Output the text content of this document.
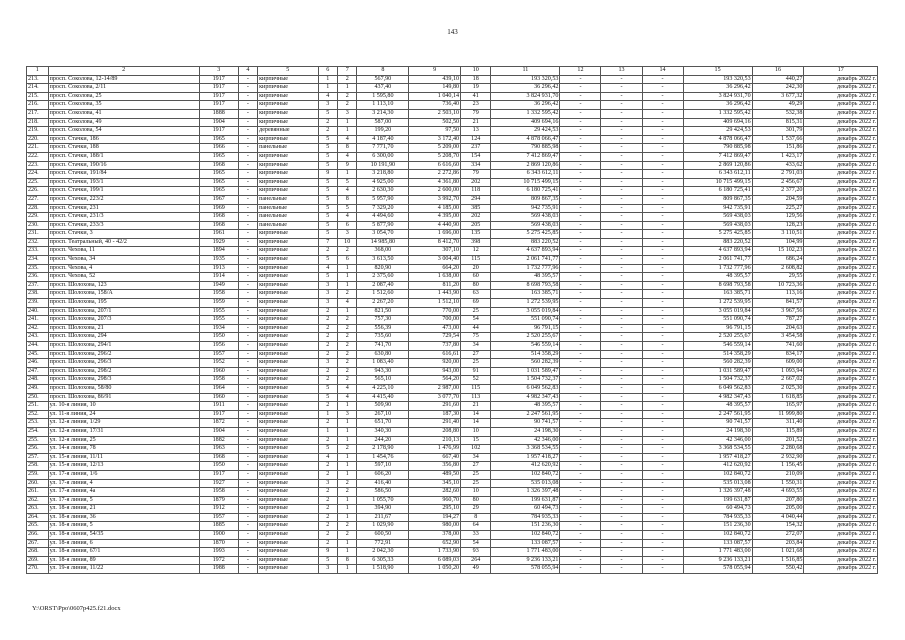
143
1	2	3	4	5	6	7	8	9	10	11	12	13	14	15	16	17
213.	просп. Соколова, 12-14/89	1917	-	кирпичные	1	2	567,90	439,10	18	193 320,53	-	-	-	193 320,53	440,27	декабрь 2022 г.
214.	просп. Соколова, 2/11	1917	-	кирпичные	1	1	437,40	149,80	19	36 296,42	-	-	-	36 296,42	242,30	декабрь 2022 г.
215.	просп. Соколова, 25	1917	-	кирпичные	4	2	1 595,80	1 040,14	41	3 824 931,70	-	-	-	3 824 931,70	3 677,32	декабрь 2022 г.
216.	просп. Соколова, 35	1917	-	кирпичные	3	2	1 113,10	736,40	23	36 296,42	-	-	-	36 296,42	49,29	декабрь 2022 г.
217.	просп. Соколова, 41	1888	-	кирпичные	5	3	3 214,30	2 503,10	79	1 332 595,42	-	-	-	1 332 595,42	532,38	декабрь 2022 г.
218.	просп. Соколова, 49	1904	-	кирпичные	2	1	587,00	502,50	21	409 694,16	-	-	-	409 694,16	815,31	декабрь 2022 г.
219.	просп. Соколова, 54	1917	-	деревянные	2	1	199,20	97,50	13	29 424,53	-	-	-	29 424,53	301,79	декабрь 2022 г.
220.	просп. Стачки, 186	1965	-	кирпичные	5	4	4 187,40	3 172,40	124	4 878 066,47	-	-	-	4 878 066,47	1 537,66	декабрь 2022 г.
221.	просп. Стачки, 188	1966	-	панельные	5	8	7 771,70	5 209,00	237	790 885,98	-	-	-	790 885,98	151,86	декабрь 2022 г.
222.	просп. Стачки, 188/1	1965	-	кирпичные	5	4	6 300,00	5 208,70	154	7 412 869,47	-	-	-	7 412 869,47	1 423,17	декабрь 2022 г.
223.	просп. Стачки, 190/16	1968	-	кирпичные	5	9	10 191,90	6 616,60	334	2 869 120,86	-	-	-	2 869 120,86	433,62	декабрь 2022 г.
224.	просп. Стачки, 191/84	1965	-	кирпичные	9	1	3 218,80	2 272,86	79	6 343 612,11	-	-	-	6 343 612,11	2 791,03	декабрь 2022 г.
225.	просп. Стачки, 193/1	1965	-	кирпичные	5	5	4 925,00	4 361,80	202	10 715 499,15	-	-	-	10 715 499,15	2 456,67	декабрь 2022 г.
226.	просп. Стачки, 199/1	1965	-	кирпичные	5	4	2 630,30	2 600,00	118	6 180 725,41	-	-	-	6 180 725,41	2 377,20	декабрь 2022 г.
227.	просп. Стачки, 223/2	1967	-	панельные	5	8	5 957,90	3 992,70	294	809 867,35	-	-	-	809 867,35	204,59	декабрь 2022 г.
228.	просп. Стачки, 231	1969	-	панельные	5	5	7 329,20	4 185,00	385	942 735,91	-	-	-	942 735,91	225,27	декабрь 2022 г.
229.	просп. Стачки, 231/3	1968	-	панельные	5	4	4 494,60	4 395,00	202	569 438,03	-	-	-	569 438,03	129,56	декабрь 2022 г.
230.	просп. Стачки, 233/3	1968	-	панельные	5	6	5 877,90	4 440,90	205	569 438,03	-	-	-	569 438,03	128,23	декабрь 2022 г.
231.	просп. Стачки, 3	1961	-	кирпичные	5	3	3 054,70	1 696,00	135	5 275 425,85	-	-	-	5 275 425,85	3 110,51	декабрь 2022 г.
232.	просп. Театральный, 40 - 42/2	1929	-	кирпичные	7	10	14 985,80	8 412,70	398	883 220,52	-	-	-	883 220,52	104,99	декабрь 2022 г.
233.	просп. Чехова, 11	1894	-	кирпичные	2	2	368,00	307,10	12	4 637 893,94	-	-	-	4 637 893,94	15 102,23	декабрь 2022 г.
234.	просп. Чехова, 34	1935	-	кирпичные	5	6	3 613,50	3 004,40	115	2 061 741,77	-	-	-	2 061 741,77	686,24	декабрь 2022 г.
235.	просп. Чехова, 4	1913	-	кирпичные	4	1	820,90	664,20	20	1 732 777,96	-	-	-	1 732 777,96	2 608,82	декабрь 2022 г.
236.	просп. Чехова, 52	1914	-	кирпичные	5	1	2 375,60	1 638,00	60	48 395,57	-	-	-	48 395,57	29,55	декабрь 2022 г.
237.	просп. Шолохова, 123	1949	-	кирпичные	3	1	2 087,40	811,20	80	8 698 793,58	-	-	-	8 698 793,58	10 723,36	декабрь 2022 г.
238.	просп. Шолохова, 158/А	1958	-	кирпичные	3	2	1 512,60	1 443,90	63	163 385,71	-	-	-	163 385,71	113,16	декабрь 2022 г.
239.	просп. Шолохова, 195	1959	-	кирпичные	3	4	2 267,20	1 512,10	69	1 272 539,95	-	-	-	1 272 539,95	841,57	декабрь 2022 г.
240.	просп. Шолохова, 207/1	1955	-	кирпичные	2	1	821,50	770,00	25	3 055 019,84	-	-	-	3 055 019,84	3 967,56	декабрь 2022 г.
241.	просп. Шолохова, 207/3	1955	-	кирпичные	2	2	757,30	700,00	54	551 090,74	-	-	-	551 090,74	787,27	декабрь 2022 г.
242.	просп. Шолохова, 21	1934	-	кирпичные	2	2	556,39	473,00	44	96 791,15	-	-	-	96 791,15	204,63	декабрь 2022 г.
243.	просп. Шолохова, 294	1950	-	кирпичные	2	2	735,60	729,54	75	2 520 255,67	-	-	-	2 520 255,67	3 454,58	декабрь 2022 г.
244.	просп. Шолохова, 294/1	1956	-	кирпичные	2	2	741,70	737,80	34	546 559,14	-	-	-	546 559,14	741,60	декабрь 2022 г.
245.	просп. Шолохова, 296/2	1957	-	кирпичные	2	2	630,80	616,61	27	514 358,29	-	-	-	514 358,29	834,17	декабрь 2022 г.
246.	просп. Шолохова, 296/3	1952	-	кирпичные	3	2	1 083,40	920,00	25	560 282,39	-	-	-	560 282,39	609,00	декабрь 2022 г.
247.	просп. Шолохова, 298/2	1960	-	кирпичные	2	2	943,30	943,00	91	1 031 589,47	-	-	-	1 031 589,47	1 093,94	декабрь 2022 г.
248.	просп. Шолохова, 298/3	1958	-	кирпичные	2	2	565,10	564,20	52	1 504 732,37	-	-	-	1 504 732,37	2 667,02	декабрь 2022 г.
249.	просп. Шолохова, 58/80	1964	-	кирпичные	5	4	4 225,10	2 987,00	115	6 049 562,83	-	-	-	6 049 562,83	2 025,30	декабрь 2022 г.
250.	просп. Шолохова, 86/91	1960	-	кирпичные	5	4	4 415,40	3 077,70	113	4 982 347,43	-	-	-	4 982 347,43	1 618,85	декабрь 2022 г.
251.	ул. 10-я линия, 10	1911	-	кирпичные	2	1	509,90	291,60	21	48 395,57	-	-	-	48 395,57	165,97	декабрь 2022 г.
252.	ул. 11-я линия, 24	1917	-	кирпичные	1	3	267,10	187,30	14	2 247 561,95	-	-	-	2 247 561,95	11 999,80	декабрь 2022 г.
253.	ул. 12-я линия, 1/29	1872	-	кирпичные	2	1	651,70	291,40	14	90 741,57	-	-	-	90 741,57	311,40	декабрь 2022 г.
254.	ул. 12-я линия, 17/31	1904	-	кирпичные	1	1	340,30	208,80	10	24 198,30	-	-	-	24 198,30	115,89	декабрь 2022 г.
255.	ул. 12-я линия, 25	1882	-	кирпичные	2	1	244,20	210,13	15	42 346,00	-	-	-	42 346,00	201,52	декабрь 2022 г.
256.	ул. 14-я линия, 78	1963	-	кирпичные	5	2	2 178,90	1 476,99	102	3 368 534,55	-	-	-	3 368 534,55	2 280,68	декабрь 2022 г.
257.	ул. 15-я линия, 11/11	1968	-	кирпичные	4	1	1 454,76	667,40	34	1 957 418,27	-	-	-	1 957 418,27	2 932,90	декабрь 2022 г.
258.	ул. 15-я линия, 12/13	1950	-	кирпичные	2	1	597,10	356,80	27	412 620,92	-	-	-	412 620,92	1 156,45	декабрь 2022 г.
259.	ул. 17-я линия, 1/6	1917	-	кирпичные	2	1	606,20	489,50	25	102 840,72	-	-	-	102 840,72	210,09	декабрь 2022 г.
260.	ул. 17-я линия, 4	1927	-	кирпичные	3	2	416,40	345,10	25	535 013,08	-	-	-	535 013,08	1 550,31	декабрь 2022 г.
261.	ул. 17-я линия, 4а	1958	-	кирпичные	2	2	586,50	282,60	10	1 326 397,48	-	-	-	1 326 397,48	4 693,55	декабрь 2022 г.
262.	ул. 17-я линия, 5	1879	-	кирпичные	2	1	1 055,70	960,70	80	199 631,87	-	-	-	199 631,87	207,80	декабрь 2022 г.
263.	ул. 18-я линия, 21	1912	-	кирпичные	2	1	394,90	295,10	29	60 494,73	-	-	-	60 494,73	205,00	декабрь 2022 г.
264.	ул. 18-я линия, 36	1957	-	кирпичные	2	1	211,67	194,27	8	784 935,33	-	-	-	784 935,33	4 040,44	декабрь 2022 г.
265.	ул. 18-я линия, 5	1885	-	кирпичные	2	2	1 029,90	980,00	64	151 236,30	-	-	-	151 236,30	154,32	декабрь 2022 г.
266.	ул. 18-я линия, 54/35	1900	-	кирпичные	2	2	600,50	378,00	33	102 840,72	-	-	-	102 840,72	272,07	декабрь 2022 г.
267.	ул. 18-я линия, 6	1870	-	кирпичные	2	1	772,91	652,90	54	133 087,57	-	-	-	133 087,57	203,84	декабрь 2022 г.
268.	ул. 18-я линия, 67/1	1993	-	кирпичные	9	1	2 042,30	1 733,90	93	1 771 483,00	-	-	-	1 771 483,00	1 021,68	декабрь 2022 г.
269.	ул. 18-я линия, 89	1972	-	кирпичные	5	8	6 305,33	6 089,03	264	9 236 133,21	-	-	-	9 236 133,21	1 516,85	декабрь 2022 г.
270.	ул. 19-я линия, 11/22	1988	-	кирпичные	3	1	1 518,90	1 050,20	49	578 055,94	-	-	-	578 055,94	550,42	декабрь 2022 г.
Y:\ORST\Ppo\0607p425.f21.docx
